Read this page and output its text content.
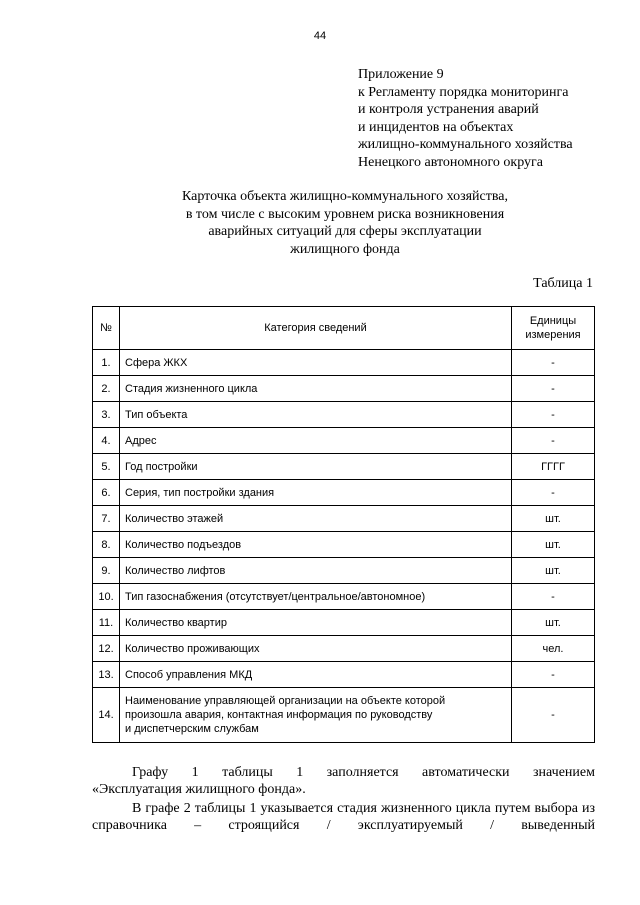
44
Приложение 9
к Регламенту порядка мониторинга
и контроля устранения аварий
и инцидентов на объектах
жилищно-коммунального хозяйства
Ненецкого автономного округа
Карточка объекта жилищно-коммунального хозяйства,
в том числе с высоким уровнем риска возникновения
аварийных ситуаций для сферы эксплуатации
жилищного фонда
Таблица 1
№	Категория сведений	Единицы
измерения

1.	Сфера ЖКХ	-
2.	Стадия жизненного цикла	-
3.	Тип объекта	-
4.	Адрес	-
5.	Год постройки	ГГГГ
6.	Серия, тип постройки здания	-
7.	Количество этажей	шт.
8.	Количество подъездов	шт.
9.	Количество лифтов	шт.
10.	Тип газоснабжения (отсутствует/центральное/автономное)	-
11.	Количество квартир	шт.
12.	Количество проживающих	чел.
13.	Способ управления МКД	-
14.	Наименование управляющей организации на объекте которой
произошла авария, контактная информация по руководству
и диспетчерским службам	-
Графу 1 таблицы 1 заполняется автоматически значением
«Эксплуатация жилищного фонда».
В графе 2 таблицы 1 указывается стадия жизненного цикла путем выбора из справочника – строящийся / эксплуатируемый / выведенный
